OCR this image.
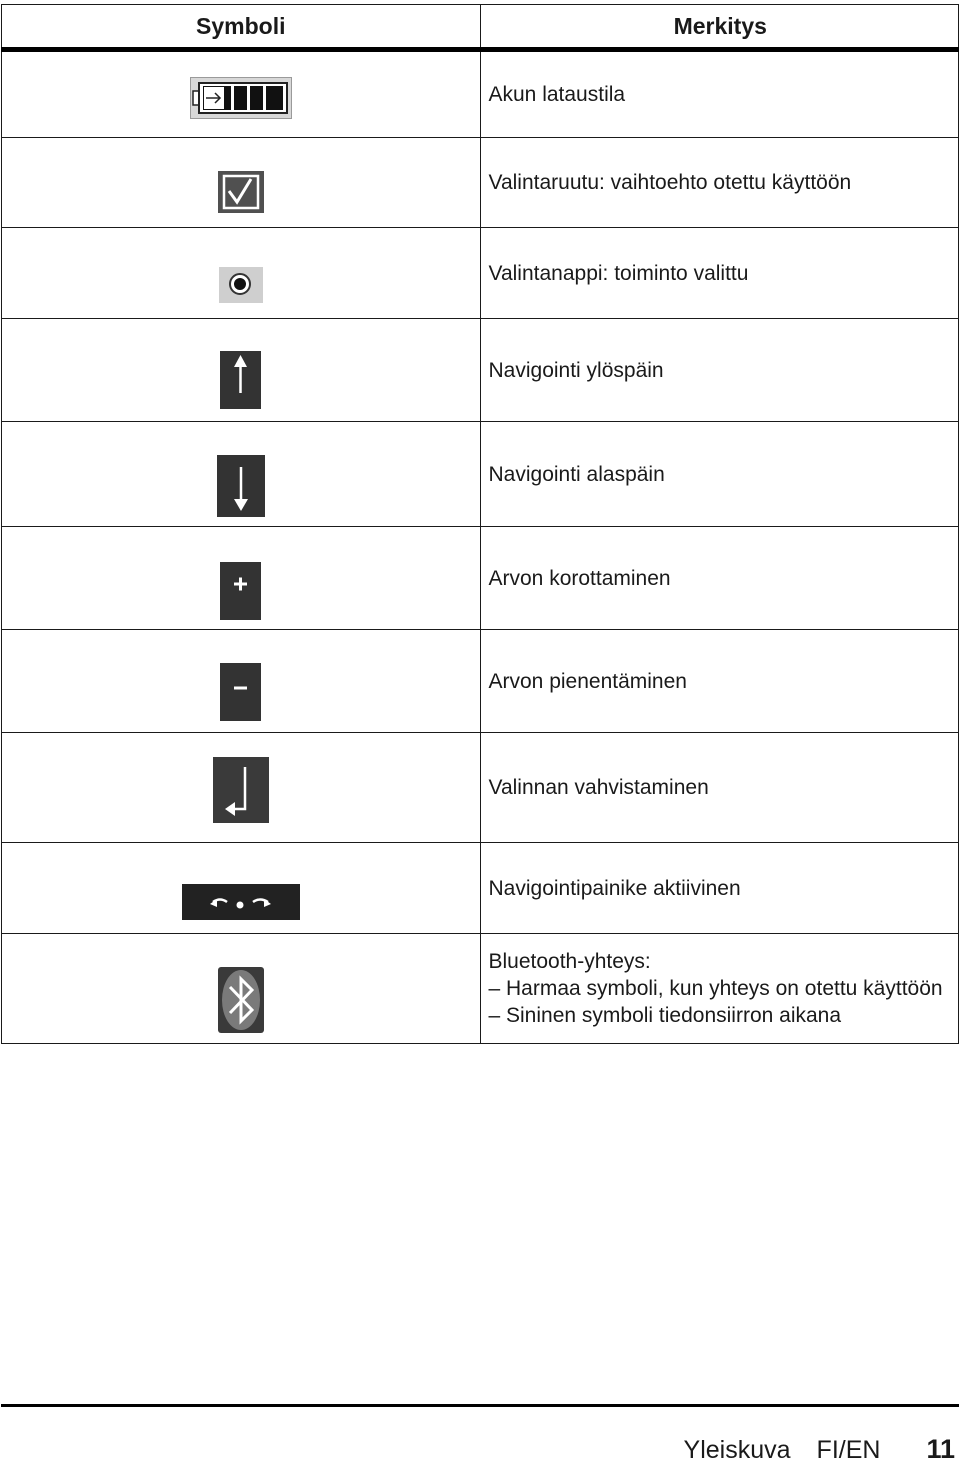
Symboli	Merkitys

Akun lataustila

Valintaruutu: vaihtoehto otettu käyttöön

Valintanappi: toiminto valittu

Navigointi ylöspäin

Navigointi alaspäin

Arvon korottaminen

Arvon pienentäminen

Valinnan vahvistaminen

Navigointipainike aktiivinen

Bluetooth-yhteys:
– Harmaa symboli, kun yhteys on otettu käyttöön
– Sininen symboli tiedonsiirron aikana
Yleiskuva FI/EN 11
